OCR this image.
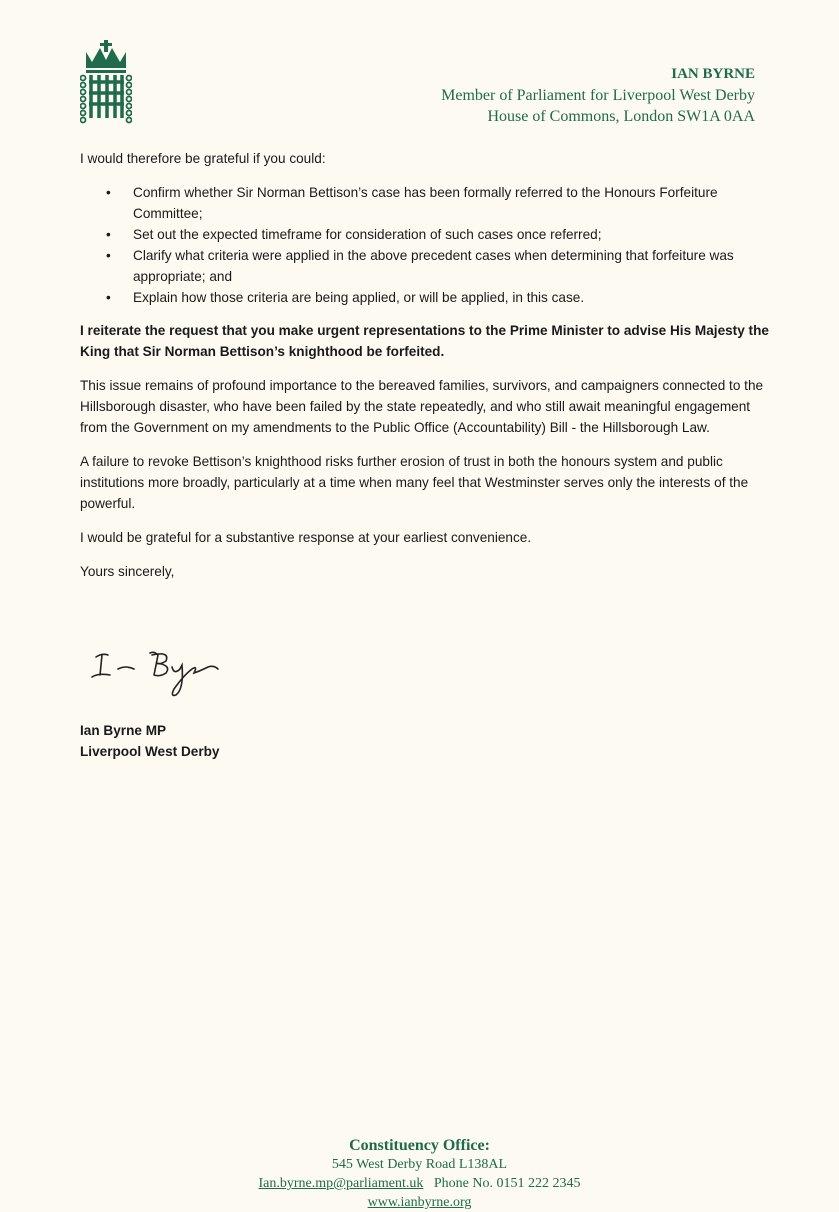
IAN BYRNE
Member of Parliament for Liverpool West Derby
House of Commons, London SW1A 0AA

I would therefore be grateful if you could:

• Confirm whether Sir Norman Bettison’s case has been formally referred to the Honours Forfeiture Committee;
• Set out the expected timeframe for consideration of such cases once referred;
• Clarify what criteria were applied in the above precedent cases when determining that forfeiture was appropriate; and
• Explain how those criteria are being applied, or will be applied, in this case.

I reiterate the request that you make urgent representations to the Prime Minister to advise His Majesty the King that Sir Norman Bettison’s knighthood be forfeited.

This issue remains of profound importance to the bereaved families, survivors, and campaigners connected to the Hillsborough disaster, who have been failed by the state repeatedly, and who still await meaningful engagement from the Government on my amendments to the Public Office (Accountability) Bill - the Hillsborough Law.

A failure to revoke Bettison’s knighthood risks further erosion of trust in both the honours system and public institutions more broadly, particularly at a time when many feel that Westminster serves only the interests of the powerful.

I would be grateful for a substantive response at your earliest convenience.

Yours sincerely,

Ian Byrne MP
Liverpool West Derby
Constituency Office:
545 West Derby Road L138AL
Ian.byrne.mp@parliament.uk Phone No. 0151 222 2345
www.ianbyrne.org
